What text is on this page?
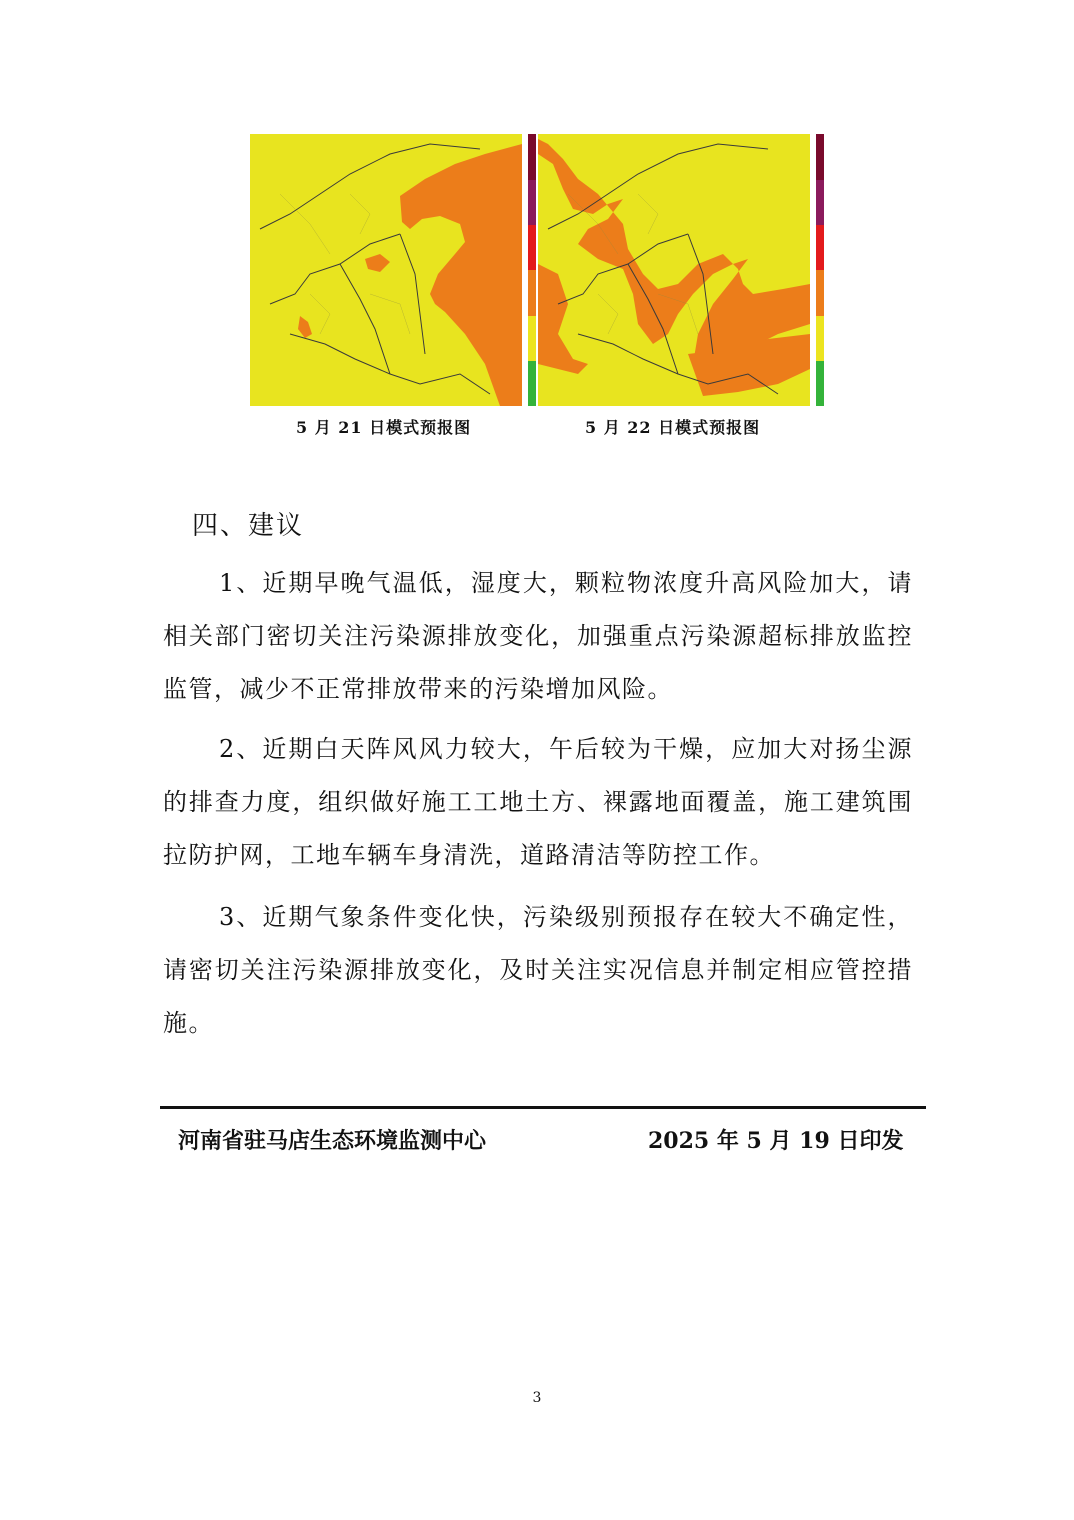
5 月 21 日模式预报图	5 月 22 日模式预报图
四、建议
1、近期早晚气温低，湿度大，颗粒物浓度升高风险加大，请相关部门密切关注污染源排放变化，加强重点污染源超标排放监控监管，减少不正常排放带来的污染增加风险。
2、近期白天阵风风力较大，午后较为干燥，应加大对扬尘源的排查力度，组织做好施工工地土方、裸露地面覆盖，施工建筑围拉防护网，工地车辆车身清洗，道路清洁等防控工作。
3、近期气象条件变化快，污染级别预报存在较大不确定性，请密切关注污染源排放变化，及时关注实况信息并制定相应管控措施。
河南省驻马店生态环境监测中心	2025 年 5 月 19 日印发
3
